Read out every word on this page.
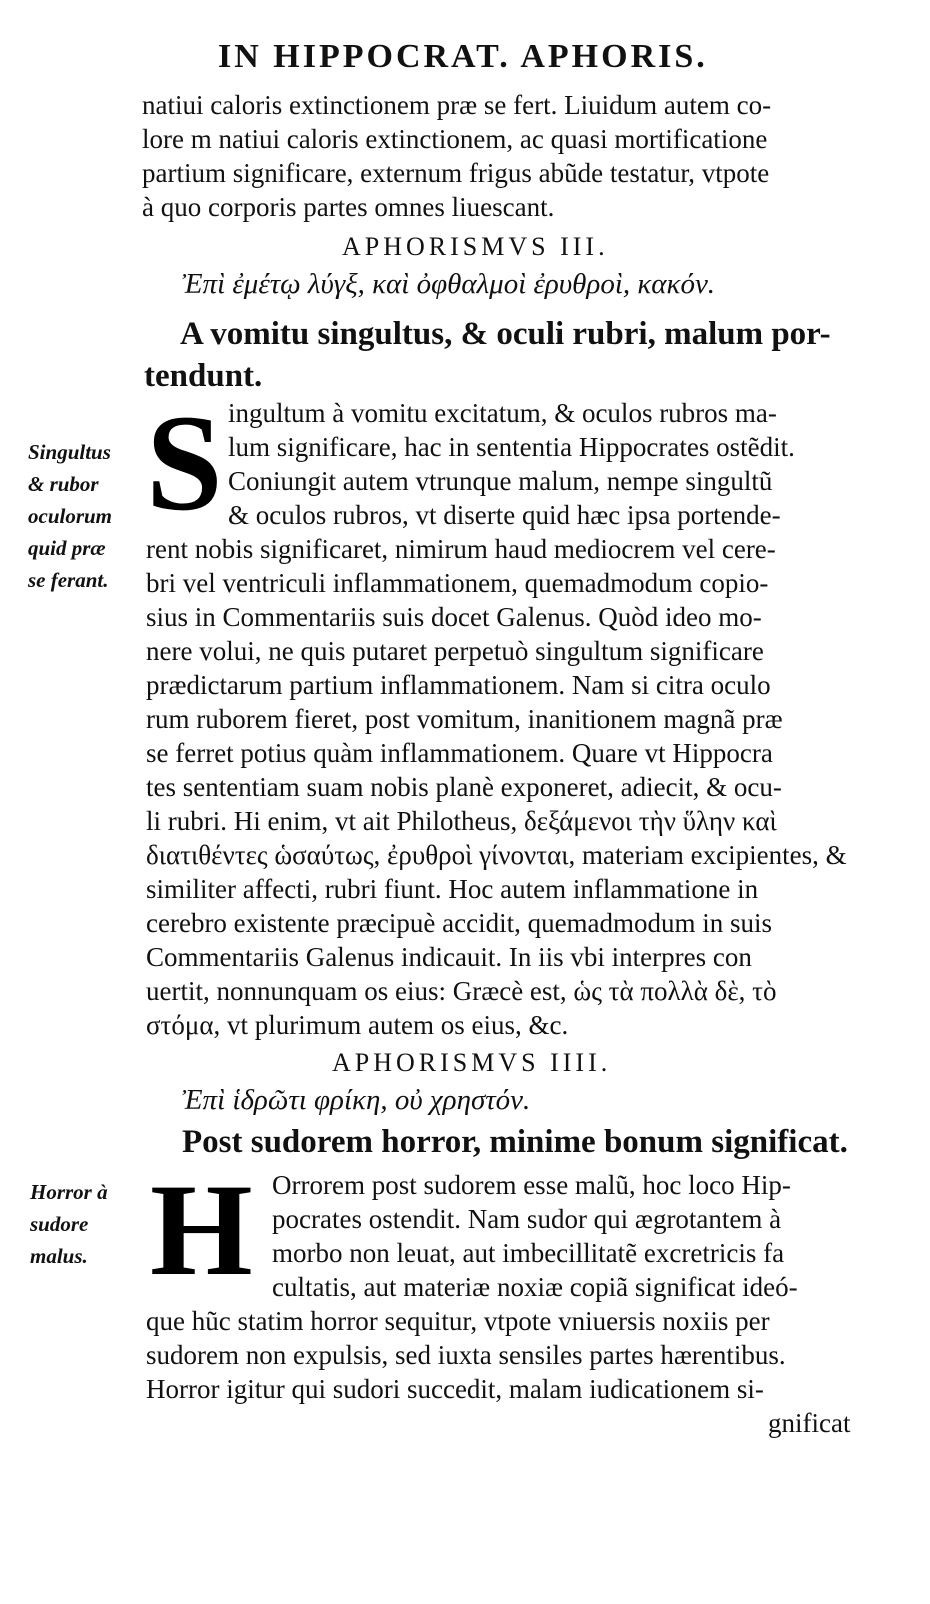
IN HIPPOCRAT. APHORIS.
natiui caloris extinctionem præ se fert. Liuidum autem co-
lore m natiui caloris extinctionem, ac quasi mortificatione
partium significare, externum frigus abũde testatur, vtpote
à quo corporis partes omnes liuescant.
APHORISMVS III.
Ἐπὶ ἐμέτῳ λύγξ, καὶ ὀφθαλμοὶ ἐρυθροὶ, κακόν.
A vomitu singultus, & oculi rubri, malum por-
tendunt.
S ingultum à vomitu excitatum, & oculos rubros ma-
lum significare, hac in sententia Hippocrates ostẽdit.
Coniungit autem vtrunque malum, nempe singultũ
& oculos rubros, vt diserte quid hæc ipsa portende-
rent nobis significaret, nimirum haud mediocrem vel cere-
bri vel ventriculi inflammationem, quemadmodum copio-
sius in Commentariis suis docet Galenus. Quòd ideo mo-
nere volui, ne quis putaret perpetuò singultum significare
prædictarum partium inflammationem. Nam si citra oculo
rum ruborem fieret, post vomitum, inanitionem magnã præ
se ferret potius quàm inflammationem. Quare vt Hippocra
tes sententiam suam nobis planè exponeret, adiecit, & ocu-
li rubri. Hi enim, vt ait Philotheus, δεξάμενοι τὴν ὕλην καὶ
διατιθέντες ὡσαύτως, ἐρυθροὶ γίνονται, materiam excipientes, &
similiter affecti, rubri fiunt. Hoc autem inflammatione in
cerebro existente præcipuè accidit, quemadmodum in suis
Commentariis Galenus indicauit. In iis vbi interpres con
uertit, nonnunquam os eius: Græcè est, ὡς τὰ πολλὰ δὲ, τὸ
στόμα, vt plurimum autem os eius, &c.
Singultus
& rubor
oculorum
quid præ
se ferant.
APHORISMVS IIII.
Ἐπὶ ἱδρῶτι φρίκη, οὐ χρηστόν.
Post sudorem horror, minime bonum significat.
H Orrorem post sudorem esse malũ, hoc loco Hip-
pocrates ostendit. Nam sudor qui ægrotantem à
morbo non leuat, aut imbecillitatẽ excretricis fa
cultatis, aut materiæ noxiæ copiã significat ideó-
que hũc statim horror sequitur, vtpote vniuersis noxiis per
sudorem non expulsis, sed iuxta sensiles partes hærentibus.
Horror igitur qui sudori succedit, malam iudicationem si-
Horror à
sudore
malus.
gnificat
